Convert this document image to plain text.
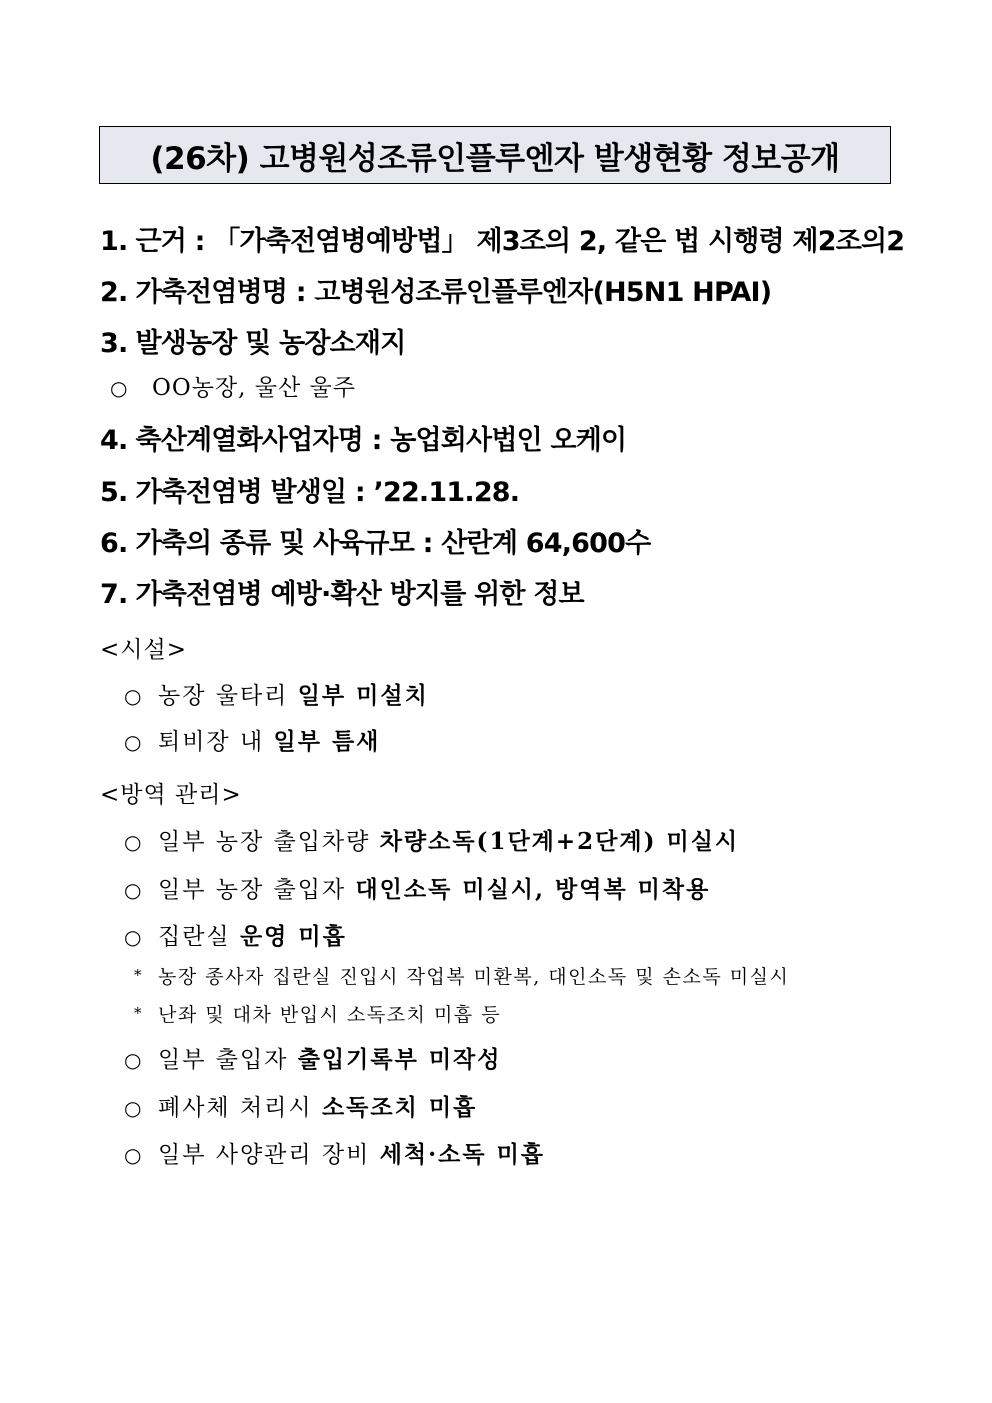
(26차) 고병원성조류인플루엔자 발생현황 정보공개
1. 근거 : 「가축전염병예방법」 제3조의 2, 같은 법 시행령 제2조의2
2. 가축전염병명 : 고병원성조류인플루엔자(H5N1 HPAI)
3. 발생농장 및 농장소재지
○ OO농장, 울산 울주
4. 축산계열화사업자명 : 농업회사법인 오케이
5. 가축전염병 발생일 : ’22.11.28.
6. 가축의 종류 및 사육규모 : 산란계 64,600수
7. 가축전염병 예방·확산 방지를 위한 정보
<시설>
○ 농장 울타리 일부 미설치
○ 퇴비장 내 일부 틈새
<방역 관리>
○ 일부 농장 출입차량 차량소독(1단계+2단계) 미실시
○ 일부 농장 출입자 대인소독 미실시, 방역복 미착용
○ 집란실 운영 미흡
* 농장 종사자 집란실 진입시 작업복 미환복, 대인소독 및 손소독 미실시
* 난좌 및 대차 반입시 소독조치 미흡 등
○ 일부 출입자 출입기록부 미작성
○ 폐사체 처리시 소독조치 미흡
○ 일부 사양관리 장비 세척·소독 미흡
